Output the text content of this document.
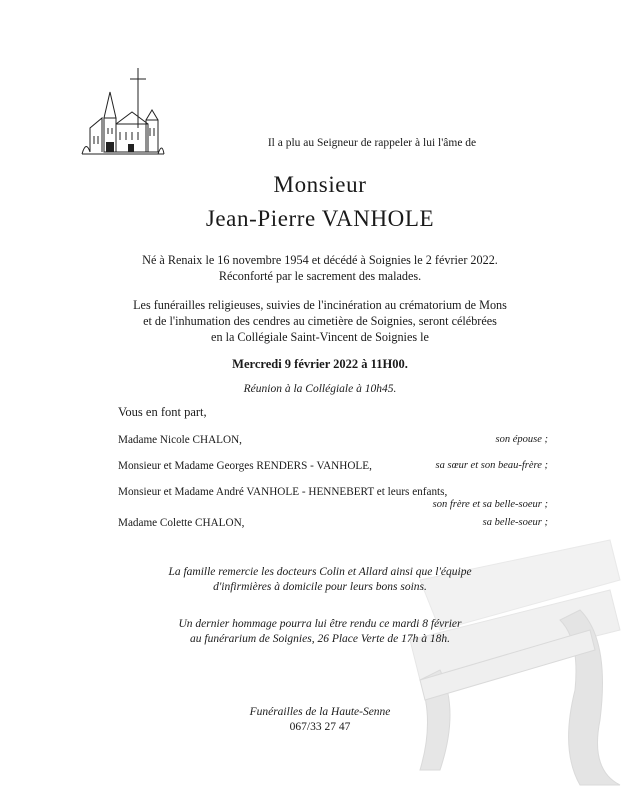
Il a plu au Seigneur de rappeler à lui l'âme de
Monsieur
Jean-Pierre VANHOLE
Né à Renaix le 16 novembre 1954 et décédé à Soignies le 2 février 2022.
Réconforté par le sacrement des malades.
Les funérailles religieuses, suivies de l'incinération au crématorium de Mons
et de l'inhumation des cendres au cimetière de Soignies, seront célébrées
en la Collégiale Saint-Vincent de Soignies le
Mercredi 9 février 2022 à 11H00.
Réunion à la Collégiale à 10h45.
Vous en font part,
Madame Nicole CHALON,	son épouse ;
Monsieur et Madame Georges RENDERS - VANHOLE,	sa sœur et son beau-frère ;
Monsieur et Madame André VANHOLE - HENNEBERT et leurs enfants,
son frère et sa belle-soeur ;
Madame Colette CHALON,	sa belle-soeur ;
La famille remercie les docteurs Colin et Allard ainsi que l'équipe
d'infirmières à domicile pour leurs bons soins.
Un dernier hommage pourra lui être rendu ce mardi 8 février
au funérarium de Soignies, 26 Place Verte de 17h à 18h.
Funérailles de la Haute-Senne
067/33 27 47
